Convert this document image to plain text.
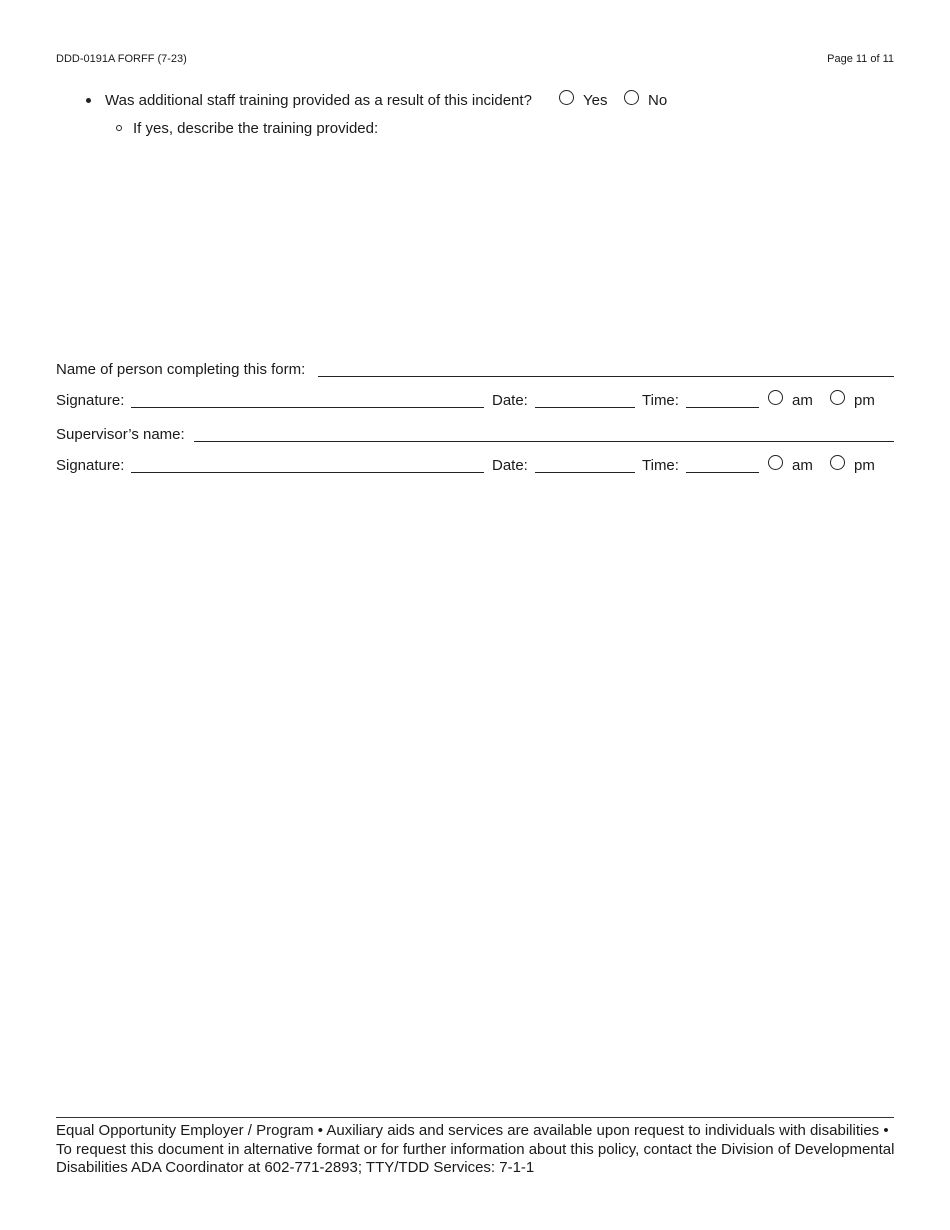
DDD-0191A FORFF (7-23)	Page 11 of 11
Was additional staff training provided as a result of this incident?	Yes	No
If yes, describe the training provided:
Name of person completing this form:
Signature:	Date:	Time:	am	pm
Supervisor’s name:
Signature:	Date:	Time:	am	pm
Equal Opportunity Employer / Program • Auxiliary aids and services are available upon request to individuals with disabilities • To request this document in alternative format or for further information about this policy, contact the Division of Developmental Disabilities ADA Coordinator at 602-771-2893; TTY/TDD Services: 7-1-1
